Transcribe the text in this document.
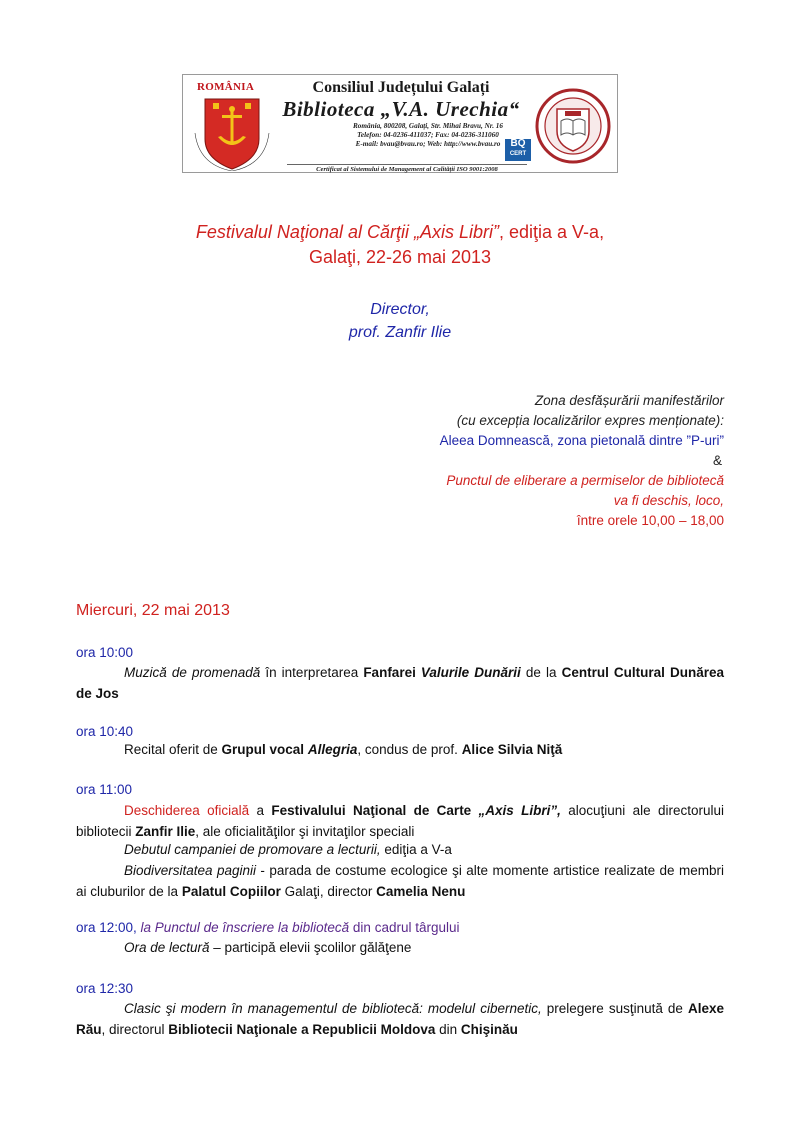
ROMÂNIA	Consiliul Județului Galați
Biblioteca „V.A. Urechia“
România, 800208, Galați, Str. Mihai Bravu, Nr. 16
Telefon: 04-0236-411037; Fax: 04-0236-311060
E-mail: bvau@bvau.ro; Web: http://www.bvau.ro	BQ
CERT
Certificat al Sistemului de Management al Calității ISO 9001:2008
Festivalul Naţional al Cărţii „Axis Libri”, ediţia a V-a,
Galaţi, 22-26 mai 2013
Director,
prof. Zanfir Ilie
Zona desfășurării manifestărilor
(cu excepția localizărilor expres menționate):
Aleea Domnească, zona pietonală dintre ”P-uri”
&
Punctul de eliberare a permiselor de bibliotecă
va fi deschis, loco,
între orele 10,00 – 18,00
Miercuri, 22 mai 2013
ora 10:00
Muzică de promenadă în interpretarea Fanfarei Valurile Dunării de la Centrul Cultural Dunărea de Jos
ora 10:40
Recital oferit de Grupul vocal Allegria, condus de prof. Alice Silvia Niţă
ora 11:00
Deschiderea oficială a Festivalului Naţional de Carte „Axis Libri”, alocuţiuni ale directorului bibliotecii Zanfir Ilie, ale oficialităţilor şi invitaţilor speciali
Debutul campaniei de promovare a lecturii, ediţia a V-a
Biodiversitatea paginii - parada de costume ecologice şi alte momente artistice realizate de membri ai cluburilor de la Palatul Copiilor Galaţi, director Camelia Nenu
ora 12:00, la Punctul de înscriere la bibliotecă din cadrul târgului
Ora de lectură – participă elevii şcolilor gălăţene
ora 12:30
Clasic şi modern în managementul de bibliotecă: modelul cibernetic, prelegere susţinută de Alexe Rău, directorul Bibliotecii Naţionale a Republicii Moldova din Chişinău
